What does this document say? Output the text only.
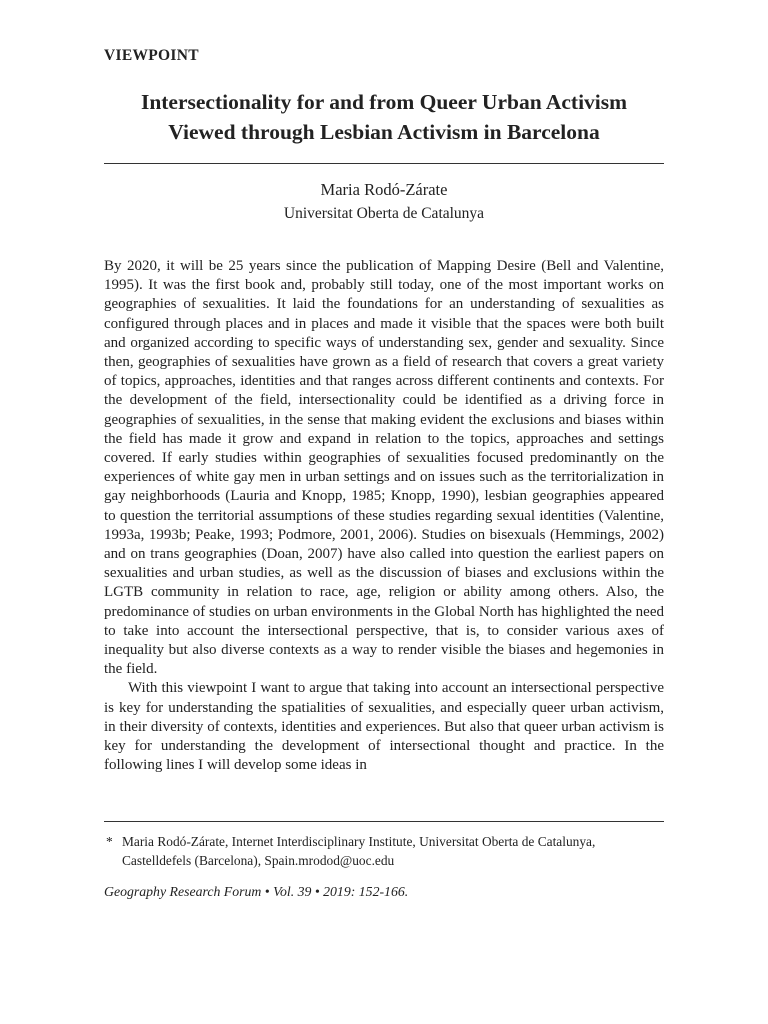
VIEWPOINT
Intersectionality for and from Queer Urban Activism
Viewed through Lesbian Activism in Barcelona
Maria Rodó-Zárate
Universitat Oberta de Catalunya

By 2020, it will be 25 years since the publication of Mapping Desire (Bell and Valentine, 1995). It was the first book and, probably still today, one of the most important works on geographies of sexualities. It laid the foundations for an understanding of sexualities as configured through places and in places and made it visible that the spaces were both built and organized according to specific ways of understanding sex, gender and sexuality. Since then, geographies of sexualities have grown as a field of research that covers a great variety of topics, approaches, identities and that ranges across different continents and contexts. For the development of the field, intersectionality could be identified as a driving force in geographies of sexualities, in the sense that making evident the exclusions and biases within the field has made it grow and expand in relation to the topics, approaches and settings covered. If early studies within geographies of sexualities focused predominantly on the experiences of white gay men in urban settings and on issues such as the territorialization in gay neighborhoods (Lauria and Knopp, 1985; Knopp, 1990), lesbian geographies appeared to question the territorial assumptions of these studies regarding sexual identities (Valentine, 1993a, 1993b; Peake, 1993; Podmore, 2001, 2006). Studies on bisexuals (Hemmings, 2002) and on trans geographies (Doan, 2007) have also called into question the earliest papers on sexualities and urban studies, as well as the discussion of biases and exclusions within the LGTB community in relation to race, age, religion or ability among others. Also, the predominance of studies on urban environments in the Global North has highlighted the need to take into account the intersectional perspective, that is, to consider various axes of inequality but also diverse contexts as a way to render visible the biases and hegemonies in the field.

With this viewpoint I want to argue that taking into account an intersectional perspective is key for understanding the spatialities of sexualities, and especially queer urban activism, in their diversity of contexts, identities and experiences. But also that queer urban activism is key for understanding the development of intersectional thought and practice. In the following lines I will develop some ideas in

* Maria Rodó-Zárate, Internet Interdisciplinary Institute, Universitat Oberta de Catalunya, Castelldefels (Barcelona), Spain.mrodod@uoc.edu
Geography Research Forum • Vol. 39 • 2019: 152-166.
